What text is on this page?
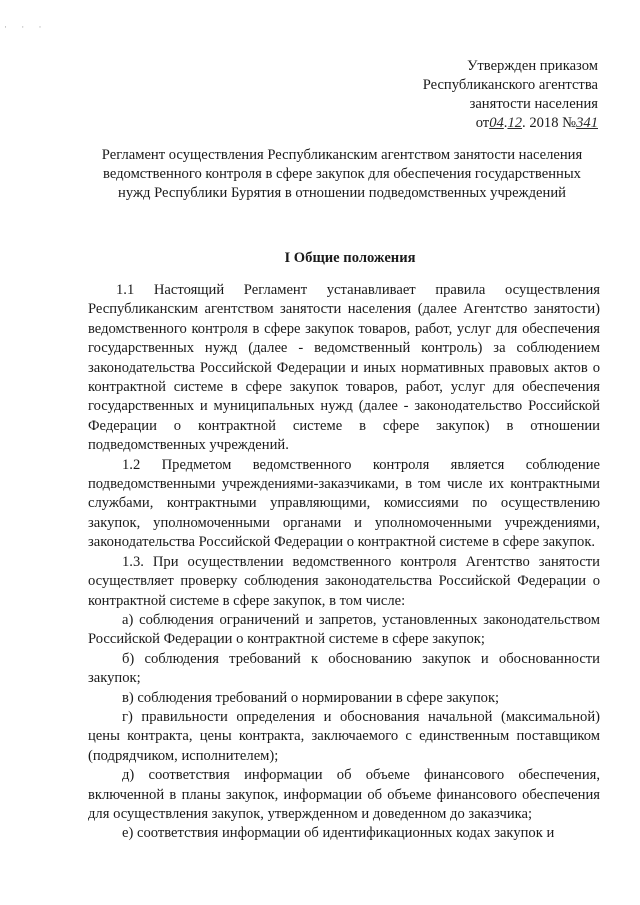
· · ·
Утвержден приказом
Республиканского агентства
занятости населения
от04.12. 2018 №341
Регламент осуществления Республиканским агентством занятости населения ведомственного контроля в сфере закупок для обеспечения государственных нужд Республики Бурятия в отношении подведомственных учреждений
I Общие положения

1.1 Настоящий Регламент устанавливает правила осуществления Республиканским агентством занятости населения (далее Агентство занятости) ведомственного контроля в сфере закупок товаров, работ, услуг для обеспечения государственных нужд (далее - ведомственный контроль) за соблюдением законодательства Российской Федерации и иных нормативных правовых актов о контрактной системе в сфере закупок товаров, работ, услуг для обеспечения государственных и муниципальных нужд (далее - законодательство Российской Федерации о контрактной системе в сфере закупок) в отношении подведомственных учреждений.

1.2 Предметом ведомственного контроля является соблюдение подведомственными учреждениями-заказчиками, в том числе их контрактными службами, контрактными управляющими, комиссиями по осуществлению закупок, уполномоченными органами и уполномоченными учреждениями, законодательства Российской Федерации о контрактной системе в сфере закупок.

1.3. При осуществлении ведомственного контроля Агентство занятости осуществляет проверку соблюдения законодательства Российской Федерации о контрактной системе в сфере закупок, в том числе:

а) соблюдения ограничений и запретов, установленных законодательством Российской Федерации о контрактной системе в сфере закупок;

б) соблюдения требований к обоснованию закупок и обоснованности закупок;

в) соблюдения требований о нормировании в сфере закупок;

г) правильности определения и обоснования начальной (максимальной) цены контракта, цены контракта, заключаемого с единственным поставщиком (подрядчиком, исполнителем);

д) соответствия информации об объеме финансового обеспечения, включенной в планы закупок, информации об объеме финансового обеспечения для осуществления закупок, утвержденном и доведенном до заказчика;

е) соответствия информации об идентификационных кодах закупок и
